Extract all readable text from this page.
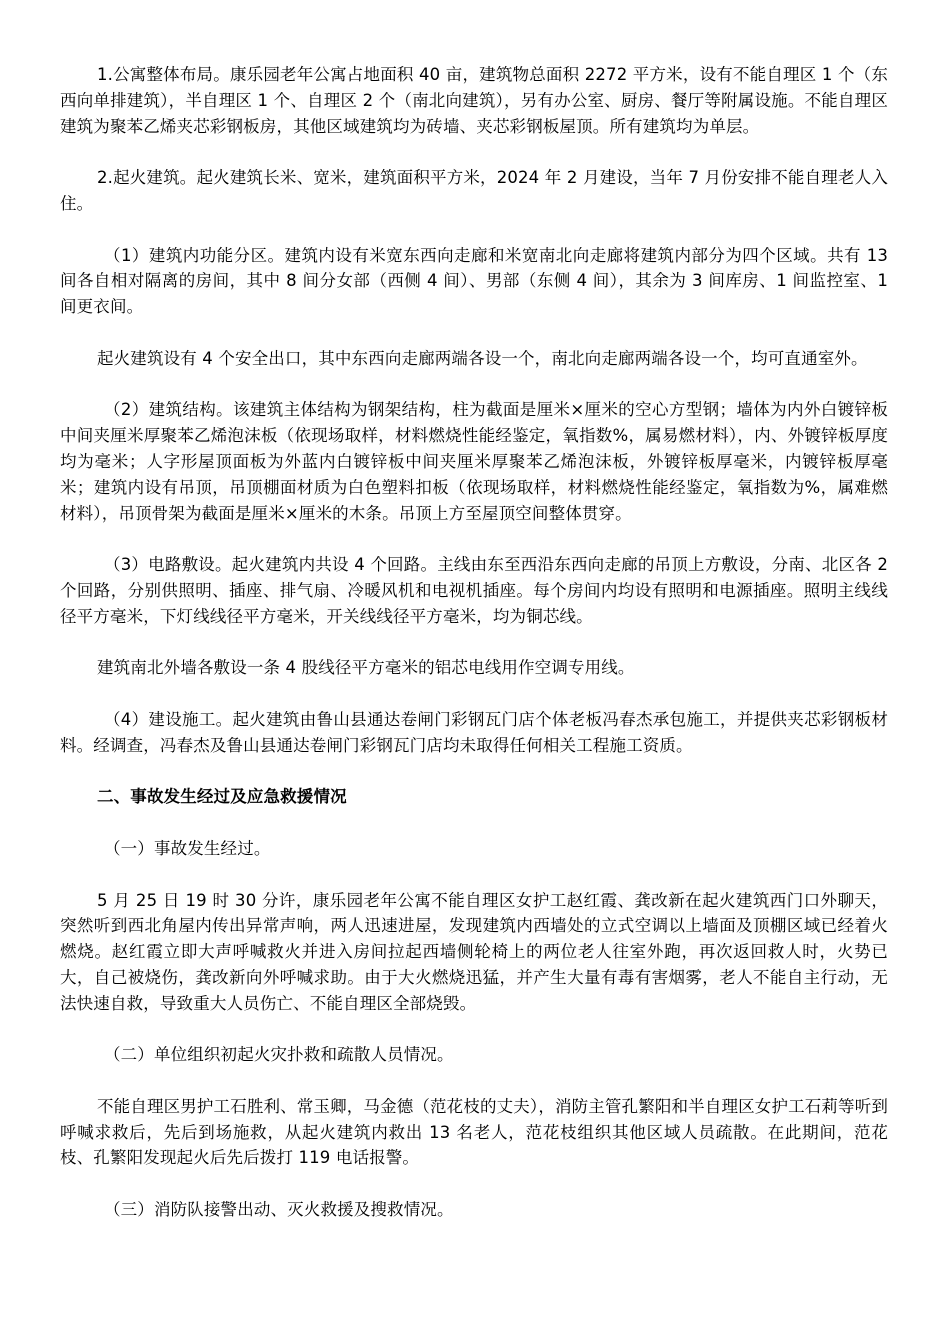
1.公寓整体布局。康乐园老年公寓占地面积 40 亩，建筑物总面积 2272 平方米，设有不能自理区 1 个（东西向单排建筑），半自理区 1 个、自理区 2 个（南北向建筑），另有办公室、厨房、餐厅等附属设施。不能自理区建筑为聚苯乙烯夹芯彩钢板房，其他区域建筑均为砖墙、夹芯彩钢板屋顶。所有建筑均为单层。

2.起火建筑。起火建筑长米、宽米，建筑面积平方米，2024 年 2 月建设，当年 7 月份安排不能自理老人入住。

（1）建筑内功能分区。建筑内设有米宽东西向走廊和米宽南北向走廊将建筑内部分为四个区域。共有 13 间各自相对隔离的房间，其中 8 间分女部（西侧 4 间）、男部（东侧 4 间），其余为 3 间库房、1 间监控室、1 间更衣间。

起火建筑设有 4 个安全出口，其中东西向走廊两端各设一个，南北向走廊两端各设一个，均可直通室外。

（2）建筑结构。该建筑主体结构为钢架结构，柱为截面是厘米×厘米的空心方型钢；墙体为内外白镀锌板中间夹厘米厚聚苯乙烯泡沫板（依现场取样，材料燃烧性能经鉴定，氧指数%，属易燃材料），内、外镀锌板厚度均为毫米；人字形屋顶面板为外蓝内白镀锌板中间夹厘米厚聚苯乙烯泡沫板，外镀锌板厚毫米，内镀锌板厚毫米；建筑内设有吊顶，吊顶棚面材质为白色塑料扣板（依现场取样，材料燃烧性能经鉴定，氧指数为%，属难燃材料），吊顶骨架为截面是厘米×厘米的木条。吊顶上方至屋顶空间整体贯穿。

（3）电路敷设。起火建筑内共设 4 个回路。主线由东至西沿东西向走廊的吊顶上方敷设，分南、北区各 2 个回路，分别供照明、插座、排气扇、冷暖风机和电视机插座。每个房间内均设有照明和电源插座。照明主线线径平方毫米，下灯线线径平方毫米，开关线线径平方毫米，均为铜芯线。

建筑南北外墙各敷设一条 4 股线径平方毫米的铝芯电线用作空调专用线。

（4）建设施工。起火建筑由鲁山县通达卷闸门彩钢瓦门店个体老板冯春杰承包施工，并提供夹芯彩钢板材料。经调查，冯春杰及鲁山县通达卷闸门彩钢瓦门店均未取得任何相关工程施工资质。

二、事故发生经过及应急救援情况

（一）事故发生经过。

5 月 25 日 19 时 30 分许，康乐园老年公寓不能自理区女护工赵红霞、龚改新在起火建筑西门口外聊天，突然听到西北角屋内传出异常声响，两人迅速进屋，发现建筑内西墙处的立式空调以上墙面及顶棚区域已经着火燃烧。赵红霞立即大声呼喊救火并进入房间拉起西墙侧轮椅上的两位老人往室外跑，再次返回救人时，火势已大，自己被烧伤，龚改新向外呼喊求助。由于大火燃烧迅猛，并产生大量有毒有害烟雾，老人不能自主行动，无法快速自救，导致重大人员伤亡、不能自理区全部烧毁。

（二）单位组织初起火灾扑救和疏散人员情况。

不能自理区男护工石胜利、常玉卿，马金德（范花枝的丈夫），消防主管孔繁阳和半自理区女护工石莉等听到呼喊求救后，先后到场施救，从起火建筑内救出 13 名老人，范花枝组织其他区域人员疏散。在此期间，范花枝、孔繁阳发现起火后先后拨打 119 电话报警。

（三）消防队接警出动、灭火救援及搜救情况。
